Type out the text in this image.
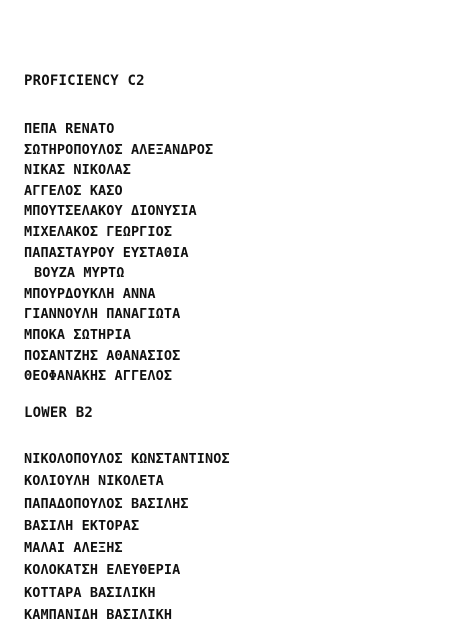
PROFICIENCY C2
ΠΕΠΑ RENATO
ΣΩΤΗΡΟΠΟΥΛΟΣ ΑΛΕΞΑΝΔΡΟΣ
ΝΙΚΑΣ ΝΙΚΟΛΑΣ
ΑΓΓΕΛΟΣ ΚΑΣΟ
ΜΠΟΥΤΣΕΛΑΚΟΥ ΔΙΟΝΥΣΙΑ
ΜΙΧΕΛΑΚΟΣ ΓΕΩΡΓΙΟΣ
ΠΑΠΑΣΤΑΥΡΟΥ ΕΥΣΤΑΘΙΑ
ΒΟΥΖΑ ΜΥΡΤΩ
ΜΠΟΥΡΔΟΥΚΛΗ ΑΝΝΑ
ΓΙΑΝΝΟΥΛΗ ΠΑΝΑΓΙΩΤΑ
ΜΠΟΚΑ ΣΩΤΗΡΙΑ
ΠΟΣΑΝΤΖΗΣ ΑΘΑΝΑΣΙΟΣ
ΘΕΟΦΑΝΑΚΗΣ ΑΓΓΕΛΟΣ
LOWER B2
ΝΙΚΟΛΟΠΟΥΛΟΣ ΚΩΝΣΤΑΝΤΙΝΟΣ
ΚΟΛΙΟΥΛΗ ΝΙΚΟΛΕΤΑ
ΠΑΠΑΔΟΠΟΥΛΟΣ ΒΑΣΙΛΗΣ
ΒΑΣΙΛΗ ΕΚΤΟΡΑΣ
ΜΑΛΑΙ ΑΛΕΞΗΣ
ΚΟΛΟΚΑΤΣΗ ΕΛΕΥΘΕΡΙΑ
ΚΟΤΤΑΡΑ ΒΑΣΙΛΙΚΗ
ΚΑΜΠΑΝΙΔΗ ΒΑΣΙΛΙΚΗ
